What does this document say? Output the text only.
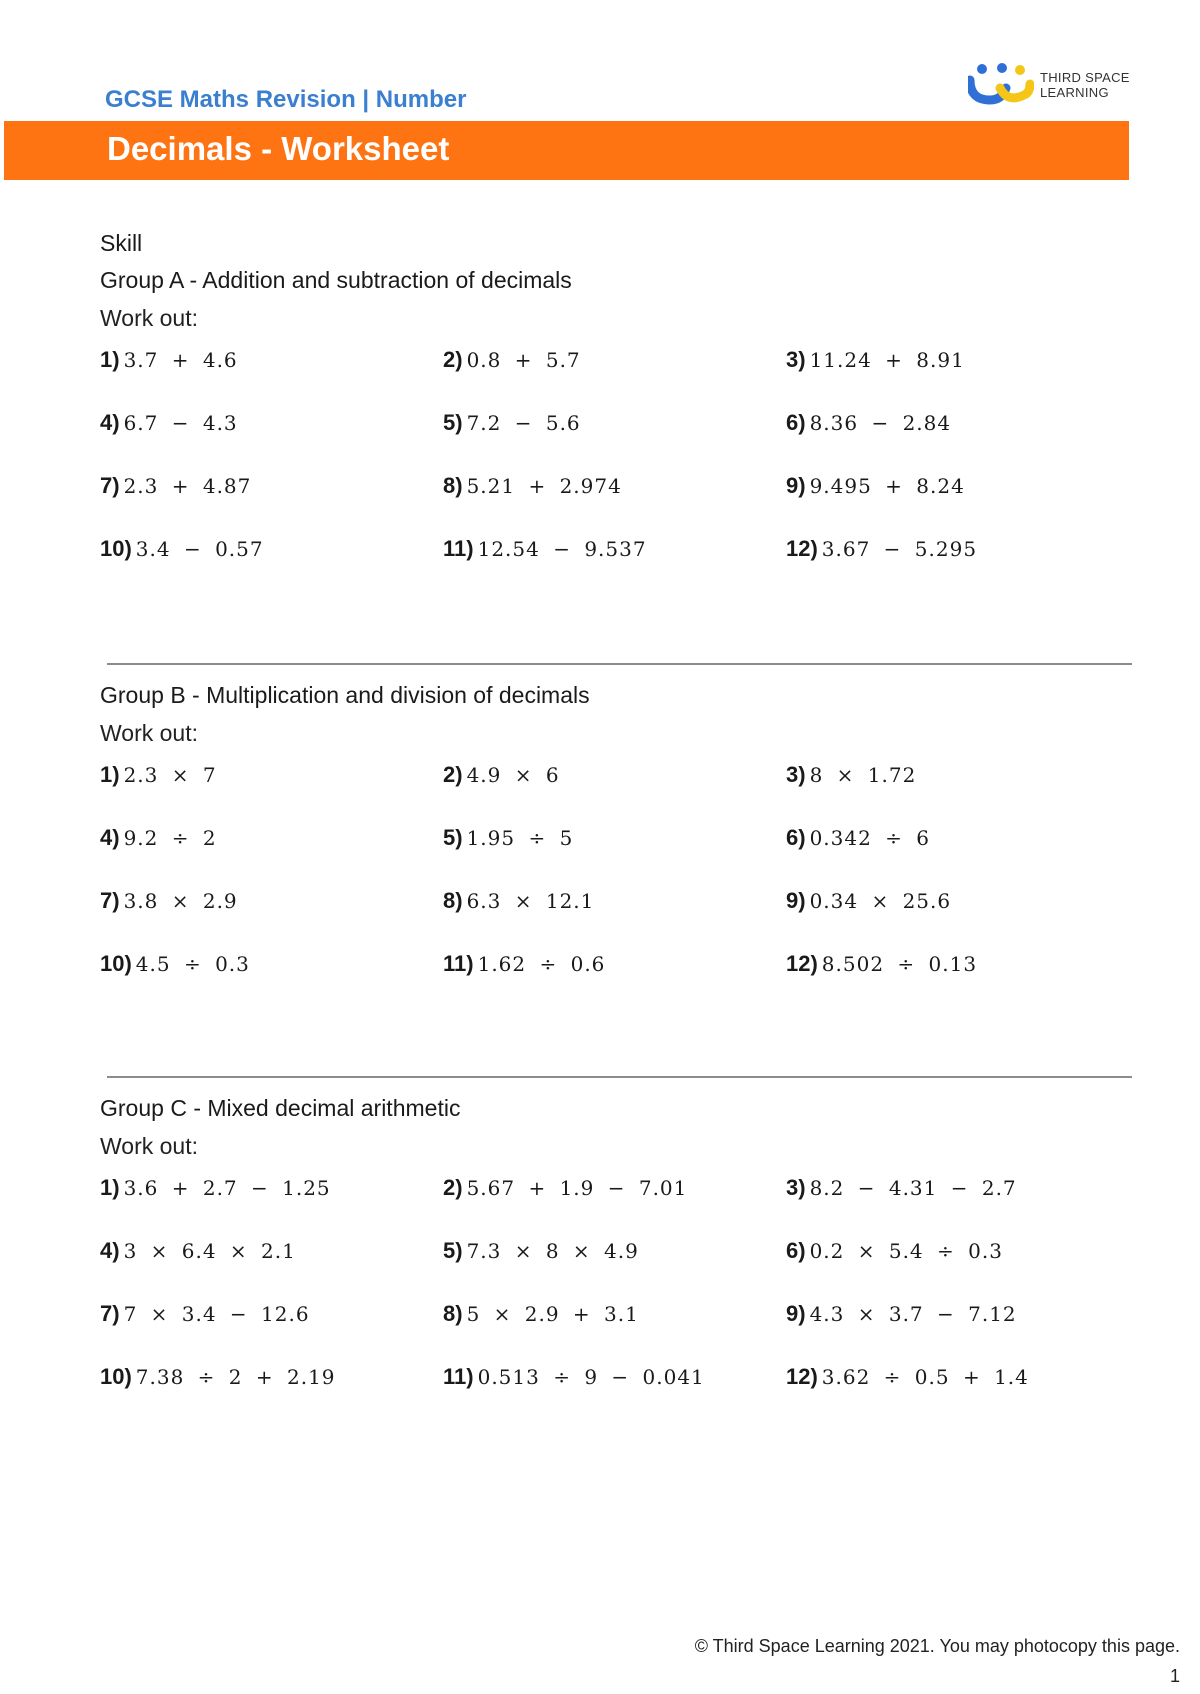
GCSE Maths Revision | Number
THIRD SPACE
LEARNING
Decimals - Worksheet
Skill
Group A - Addition and subtraction of decimals
Work out:
1) 3.7 + 4.6	2) 0.8 + 5.7	3) 11.24 + 8.91
4) 6.7 − 4.3	5) 7.2 − 5.6	6) 8.36 − 2.84
7) 2.3 + 4.87	8) 5.21 + 2.974	9) 9.495 + 8.24
10) 3.4 − 0.57	11) 12.54 − 9.537	12) 3.67 − 5.295
Group B - Multiplication and division of decimals
Work out:
1) 2.3 × 7	2) 4.9 × 6	3) 8 × 1.72
4) 9.2 ÷ 2	5) 1.95 ÷ 5	6) 0.342 ÷ 6
7) 3.8 × 2.9	8) 6.3 × 12.1	9) 0.34 × 25.6
10) 4.5 ÷ 0.3	11) 1.62 ÷ 0.6	12) 8.502 ÷ 0.13
Group C - Mixed decimal arithmetic
Work out:
1) 3.6 + 2.7 − 1.25	2) 5.67 + 1.9 − 7.01	3) 8.2 − 4.31 − 2.7
4) 3 × 6.4 × 2.1	5) 7.3 × 8 × 4.9	6) 0.2 × 5.4 ÷ 0.3
7) 7 × 3.4 − 12.6	8) 5 × 2.9 + 3.1	9) 4.3 × 3.7 − 7.12
10) 7.38 ÷ 2 + 2.19	11) 0.513 ÷ 9 − 0.041	12) 3.62 ÷ 0.5 + 1.4
© Third Space Learning 2021. You may photocopy this page.
1
